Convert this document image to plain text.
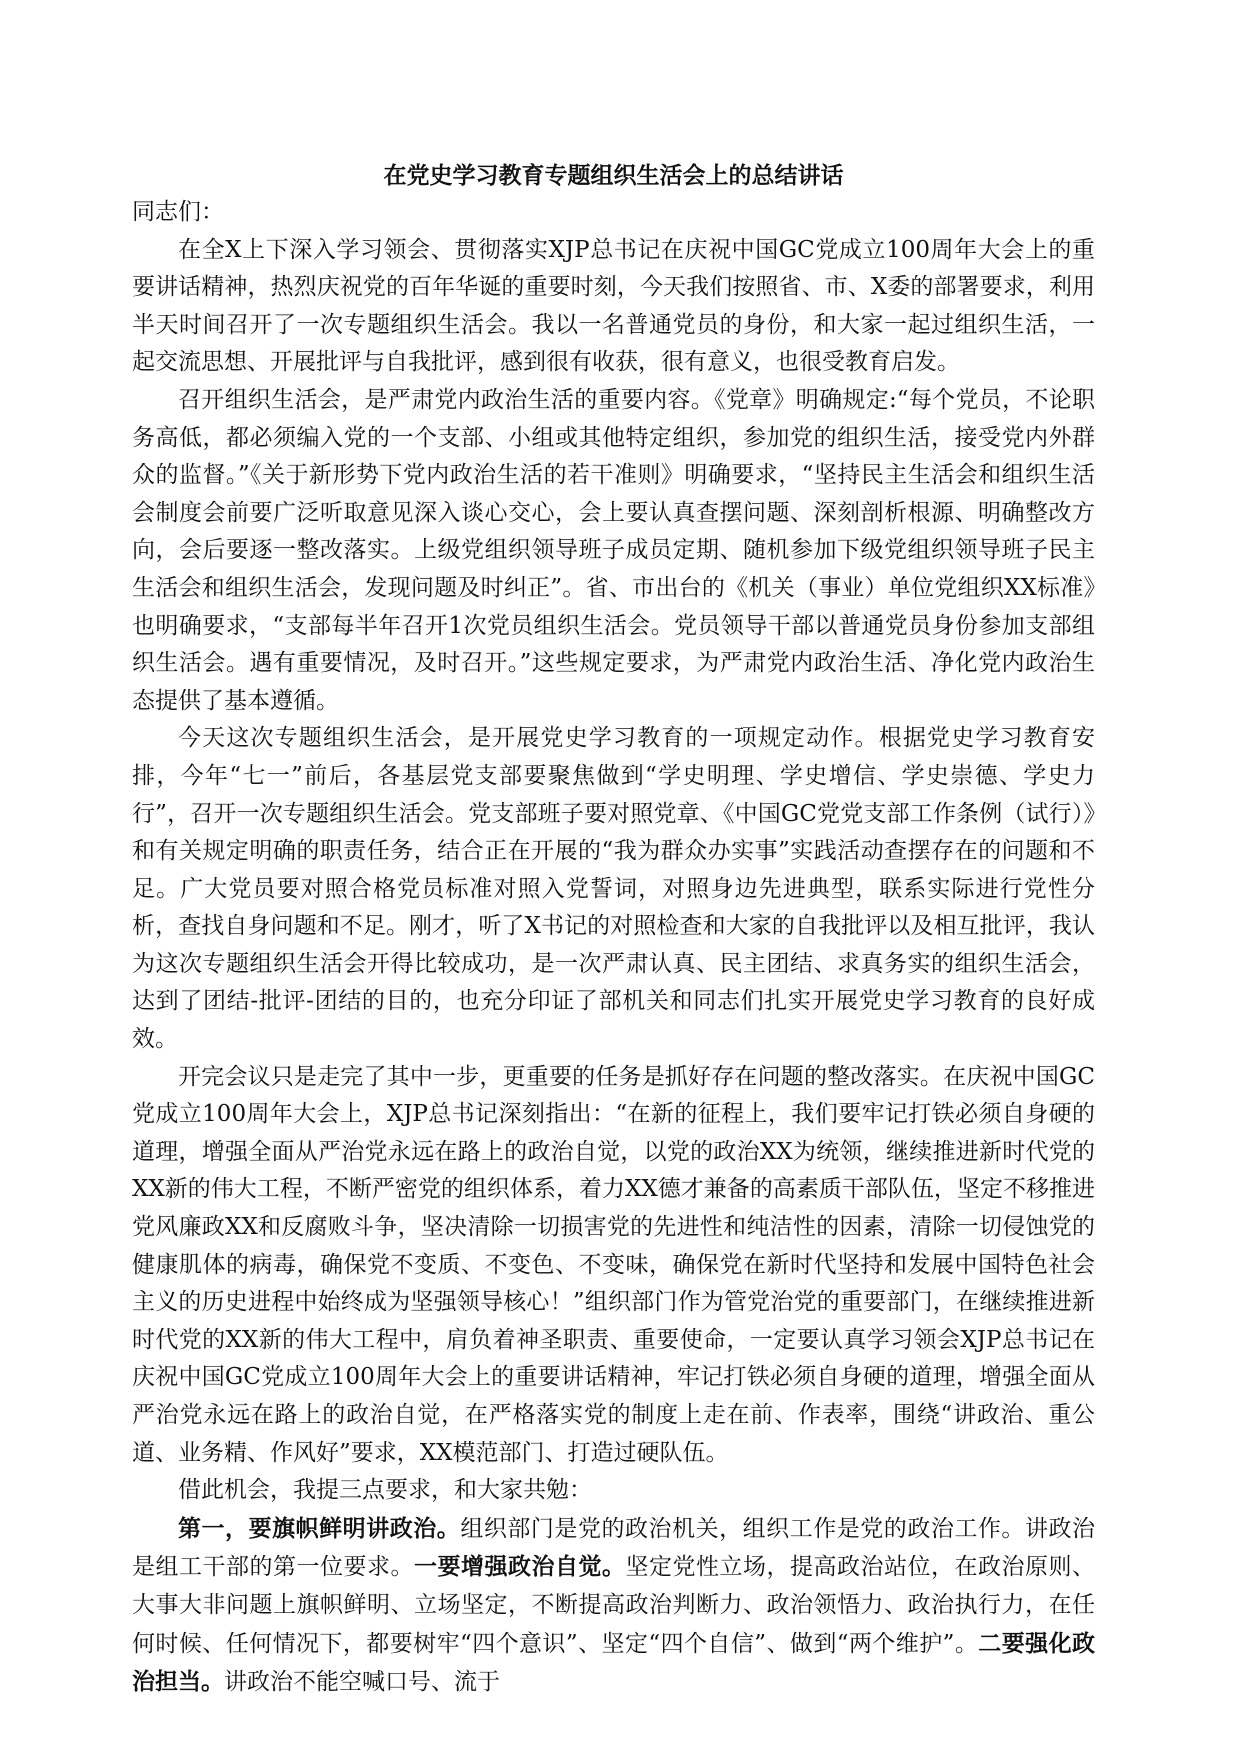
在党史学习教育专题组织生活会上的总结讲话

同志们：

在全X上下深入学习领会、贯彻落实XJP总书记在庆祝中国GC党成立100周年大会上的重要讲话精神，热烈庆祝党的百年华诞的重要时刻，今天我们按照省、市、X委的部署要求，利用半天时间召开了一次专题组织生活会。我以一名普通党员的身份，和大家一起过组织生活，一起交流思想、开展批评与自我批评，感到很有收获，很有意义，也很受教育启发。

召开组织生活会，是严肃党内政治生活的重要内容。《党章》明确规定:“每个党员，不论职务高低，都必须编入党的一个支部、小组或其他特定组织，参加党的组织生活，接受党内外群众的监督。”《关于新形势下党内政治生活的若干准则》明确要求，“坚持民主生活会和组织生活会制度会前要广泛听取意见深入谈心交心，会上要认真查摆问题、深刻剖析根源、明确整改方向，会后要逐一整改落实。上级党组织领导班子成员定期、随机参加下级党组织领导班子民主生活会和组织生活会，发现问题及时纠正”。省、市出台的《机关（事业）单位党组织XX标准》也明确要求，“支部每半年召开1次党员组织生活会。党员领导干部以普通党员身份参加支部组织生活会。遇有重要情况，及时召开。”这些规定要求，为严肃党内政治生活、净化党内政治生态提供了基本遵循。

今天这次专题组织生活会，是开展党史学习教育的一项规定动作。根据党史学习教育安排，今年“七一”前后，各基层党支部要聚焦做到“学史明理、学史增信、学史崇德、学史力行”，召开一次专题组织生活会。党支部班子要对照党章、《中国GC党党支部工作条例（试行）》和有关规定明确的职责任务，结合正在开展的“我为群众办实事”实践活动查摆存在的问题和不足。广大党员要对照合格党员标准对照入党誓词，对照身边先进典型，联系实际进行党性分析，查找自身问题和不足。刚才，听了X书记的对照检查和大家的自我批评以及相互批评，我认为这次专题组织生活会开得比较成功，是一次严肃认真、民主团结、求真务实的组织生活会，达到了团结-批评-团结的目的，也充分印证了部机关和同志们扎实开展党史学习教育的良好成效。

开完会议只是走完了其中一步，更重要的任务是抓好存在问题的整改落实。在庆祝中国GC党成立100周年大会上，XJP总书记深刻指出：“在新的征程上，我们要牢记打铁必须自身硬的道理，增强全面从严治党永远在路上的政治自觉，以党的政治XX为统领，继续推进新时代党的XX新的伟大工程，不断严密党的组织体系，着力XX德才兼备的高素质干部队伍，坚定不移推进党风廉政XX和反腐败斗争，坚决清除一切损害党的先进性和纯洁性的因素，清除一切侵蚀党的健康肌体的病毒，确保党不变质、不变色、不变味，确保党在新时代坚持和发展中国特色社会主义的历史进程中始终成为坚强领导核心！”组织部门作为管党治党的重要部门，在继续推进新时代党的XX新的伟大工程中，肩负着神圣职责、重要使命，一定要认真学习领会XJP总书记在庆祝中国GC党成立100周年大会上的重要讲话精神，牢记打铁必须自身硬的道理，增强全面从严治党永远在路上的政治自觉，在严格落实党的制度上走在前、作表率，围绕“讲政治、重公道、业务精、作风好”要求，XX模范部门、打造过硬队伍。

借此机会，我提三点要求，和大家共勉：

第一，要旗帜鲜明讲政治。组织部门是党的政治机关，组织工作是党的政治工作。讲政治是组工干部的第一位要求。一要增强政治自觉。坚定党性立场，提高政治站位，在政治原则、大事大非问题上旗帜鲜明、立场坚定，不断提高政治判断力、政治领悟力、政治执行力，在任何时候、任何情况下，都要树牢“四个意识”、坚定“四个自信”、做到“两个维护”。二要强化政治担当。讲政治不能空喊口号、流于
